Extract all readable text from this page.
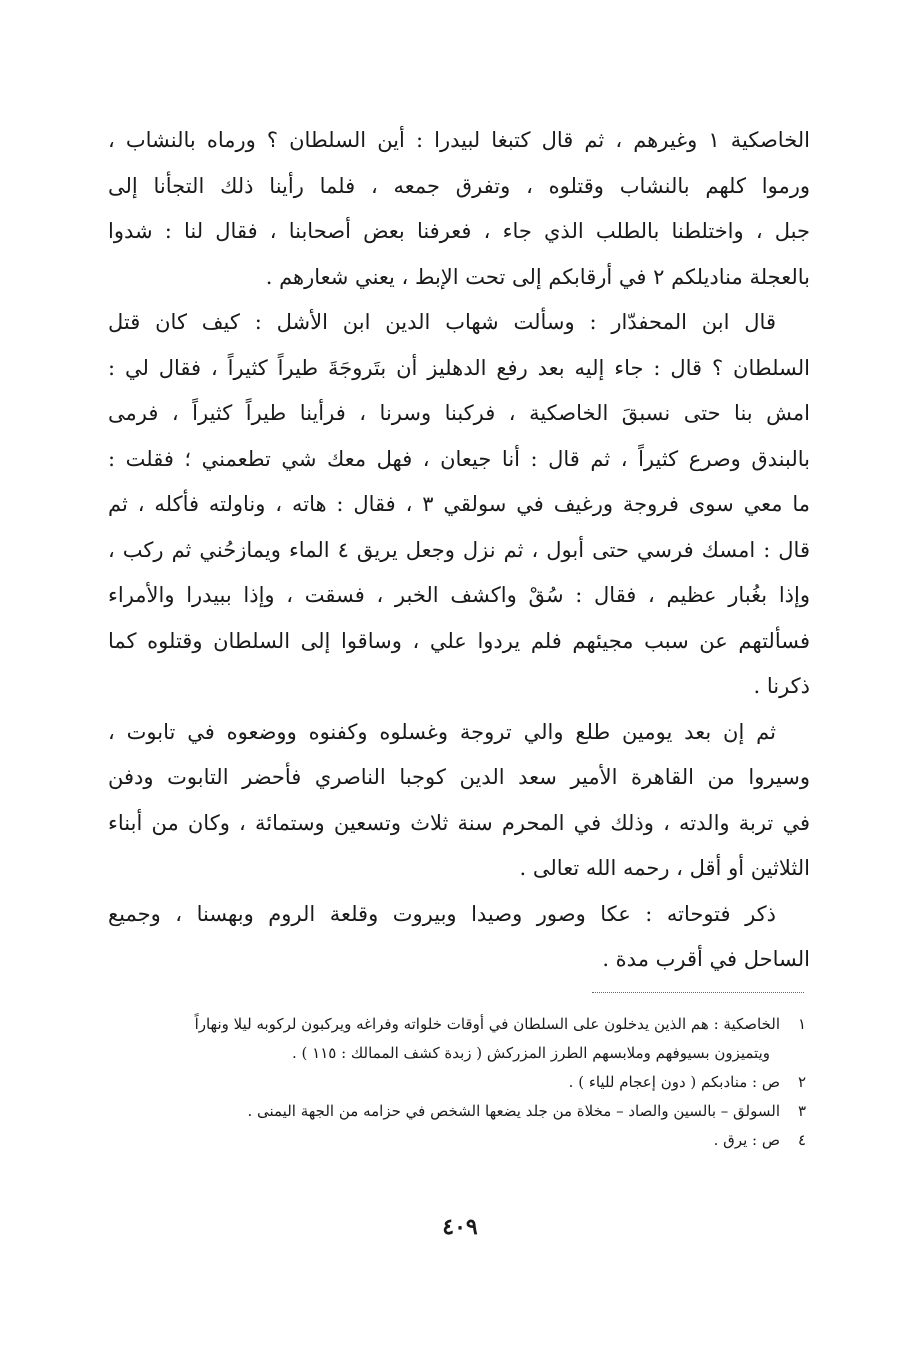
الخاصكية ١ وغيرهم ، ثم قال كتبغا لبيدرا : أين السلطان ؟ ورماه بالنشاب ،
ورموا كلهم بالنشاب وقتلوه ، وتفرق جمعه ، فلما رأينا ذلك التجأنا إلى
جبل ، واختلطنا بالطلب الذي جاء ، فعرفنا بعض أصحابنا ، فقال لنا : شدوا
بالعجلة مناديلكم ٢ في أرقابكم إلى تحت الإبط ، يعني شعارهم .
قال ابن المحفدّار : وسألت شهاب الدين ابن الأشل : كيف كان قتل
السلطان ؟ قال : جاء إليه بعد رفع الدهليز أن بتَروجَةَ طيراً كثيراً ، فقال لي :
امش بنا حتى نسبقَ الخاصكية ، فركبنا وسرنا ، فرأينا طيراً كثيراً ، فرمى
بالبندق وصرع كثيراً ، ثم قال : أنا جيعان ، فهل معك شي تطعمني ؛ فقلت :
ما معي سوى فروجة ورغيف في سولقي ٣ ، فقال : هاته ، وناولته فأكله ، ثم
قال : امسك فرسي حتى أبول ، ثم نزل وجعل يريق ٤ الماء ويمازحُني ثم ركب ،
وإذا بغُبار عظيم ، فقال : سُقْ واكشف الخبر ، فسقت ، وإذا ببيدرا والأمراء
فسألتهم عن سبب مجيئهم فلم يردوا علي ، وساقوا إلى السلطان وقتلوه كما
ذكرنا .
ثم إن بعد يومين طلع والي تروجة وغسلوه وكفنوه ووضعوه في تابوت ،
وسيروا من القاهرة الأمير سعد الدين كوجبا الناصري فأحضر التابوت ودفن
في تربة والدته ، وذلك في المحرم سنة ثلاث وتسعين وستمائة ، وكان من أبناء
الثلاثين أو أقل ، رحمه الله تعالى .
ذكر فتوحاته : عكا وصور وصيدا وبيروت وقلعة الروم وبهسنا ، وجميع
الساحل في أقرب مدة .
١الخاصكية : هم الذين يدخلون على السلطان في أوقات خلواته وفراغه ويركبون لركوبه ليلا ونهاراً
ويتميزون بسيوفهم وملابسهم الطرز المزركش ( زبدة كشف الممالك : ١١٥ ) .
٢ص : منادبكم ( دون إعجام للياء ) .
٣السولق – بالسين والصاد – مخلاة من جلد يضعها الشخص في حزامه من الجهة اليمنى .
٤ص : يرق .
٤٠٩
